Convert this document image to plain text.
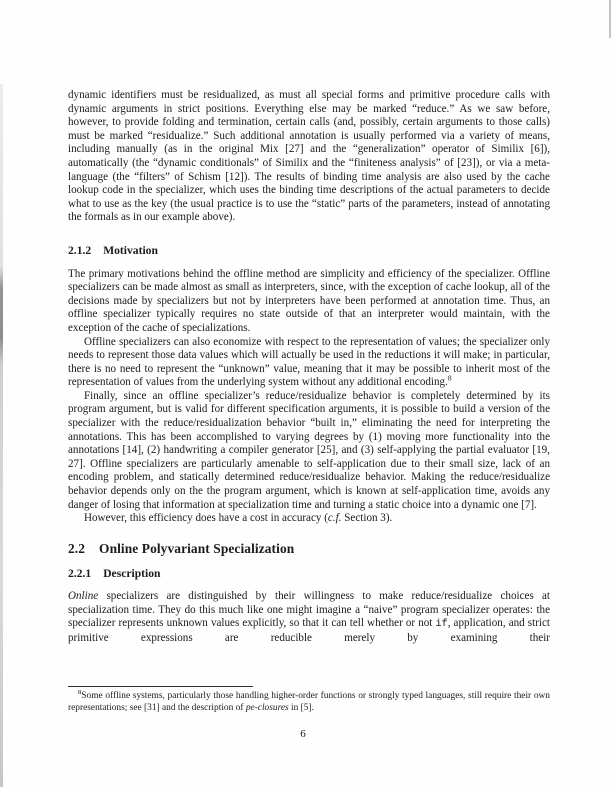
dynamic identifiers must be residualized, as must all special forms and primitive procedure calls with dynamic arguments in strict positions. Everything else may be marked “reduce.” As we saw before, however, to provide folding and termination, certain calls (and, possibly, certain arguments to those calls) must be marked “residualize.” Such additional annotation is usually performed via a variety of means, including manually (as in the original Mix [27] and the “generalization” operator of Similix [6]), automatically (the “dynamic conditionals” of Similix and the “finiteness analysis” of [23]), or via a meta-language (the “filters” of Schism [12]). The results of binding time analysis are also used by the cache lookup code in the specializer, which uses the binding time descriptions of the actual parameters to decide what to use as the key (the usual practice is to use the “static” parts of the parameters, instead of annotating the formals as in our example above).

2.1.2 Motivation

The primary motivations behind the offline method are simplicity and efficiency of the specializer. Offline specializers can be made almost as small as interpreters, since, with the exception of cache lookup, all of the decisions made by specializers but not by interpreters have been performed at annotation time. Thus, an offline specializer typically requires no state outside of that an interpreter would maintain, with the exception of the cache of specializations.

Offline specializers can also economize with respect to the representation of values; the specializer only needs to represent those data values which will actually be used in the reductions it will make; in particular, there is no need to represent the “unknown” value, meaning that it may be possible to inherit most of the representation of values from the underlying system without any additional encoding.$^8$

Finally, since an offline specializer’s reduce/residualize behavior is completely determined by its program argument, but is valid for different specification arguments, it is possible to build a version of the specializer with the reduce/residualization behavior “built in,” eliminating the need for interpreting the annotations. This has been accomplished to varying degrees by (1) moving more functionality into the annotations [14], (2) handwriting a compiler generator [25], and (3) self-applying the partial evaluator [19, 27]. Offline specializers are particularly amenable to self-application due to their small size, lack of an encoding problem, and statically determined reduce/residualize behavior. Making the reduce/residualize behavior depends only on the the program argument, which is known at self-application time, avoids any danger of losing that information at specialization time and turning a static choice into a dynamic one [7].

However, this efficiency does have a cost in accuracy (c.f. Section 3).

2.2 Online Polyvariant Specialization
2.2.1 Description

Online specializers are distinguished by their willingness to make reduce/residualize choices at specialization time. They do this much like one might imagine a “naive” program specializer operates: the specializer represents unknown values explicitly, so that it can tell whether or not if, application, and strict primitive expressions are reducible merely by examining their

$^8$Some offline systems, particularly those handling higher-order functions or strongly typed languages, still require their own representations; see [31] and the description of pe-closures in [5].

6
